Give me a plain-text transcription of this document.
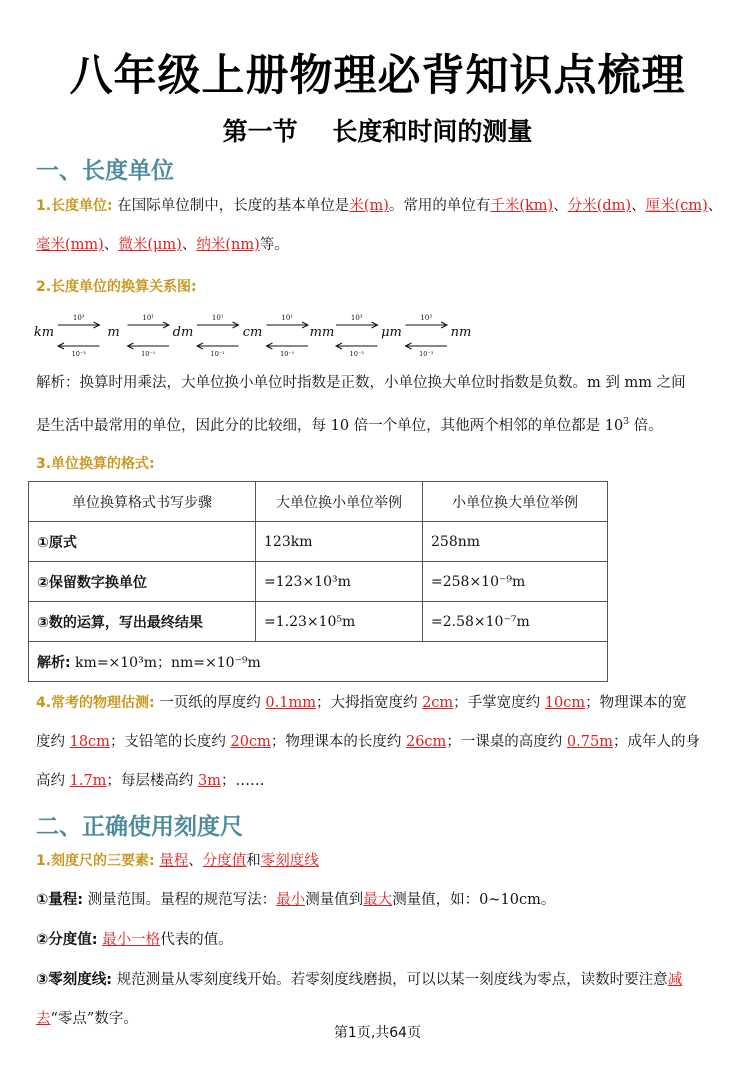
八年级上册物理必背知识点梳理
第一节    长度和时间的测量
一、长度单位
1.长度单位: 在国际单位制中，长度的基本单位是米(m)。常用的单位有千米(km)、分米(dm)、厘米(cm)、
毫米(mm)、微米(μm)、纳米(nm)等。
2.长度单位的换算关系图:
km
10³
10⁻³
m
10¹
10⁻¹
dm
10¹
10⁻¹
cm
10¹
10⁻¹
mm
10³
10⁻³
μm
10³
10⁻³
nm
解析：换算时用乘法，大单位换小单位时指数是正数，小单位换大单位时指数是负数。m 到 mm 之间
是生活中最常用的单位，因此分的比较细，每 10 倍一个单位，其他两个相邻的单位都是 $10^3$ 倍。
3.单位换算的格式:
单位换算格式书写步骤	大单位换小单位举例	小单位换大单位举例
①原式	123km	258nm
②保留数字换单位	=123×10³m	=258×10⁻⁹m
③数的运算，写出最终结果	=1.23×10⁵m	=2.58×10⁻⁷m
解析: km=×10³m；nm=×10⁻⁹m		
4.常考的物理估测: 一页纸的厚度约 0.1mm；大拇指宽度约 2cm；手掌宽度约 10cm；物理课本的宽
度约 18cm；支铅笔的长度约 20cm；物理课本的长度约 26cm；一课桌的高度约 0.75m；成年人的身
高约 1.7m；每层楼高约 3m；……
二、正确使用刻度尺
1.刻度尺的三要素: 量程、分度值和零刻度线
①量程: 测量范围。量程的规范写法：最小测量值到最大测量值，如：0~10cm。
②分度值: 最小一格代表的值。
③零刻度线: 规范测量从零刻度线开始。若零刻度线磨损，可以以某一刻度线为零点，读数时要注意减
去“零点”数字。
第1页,共64页
